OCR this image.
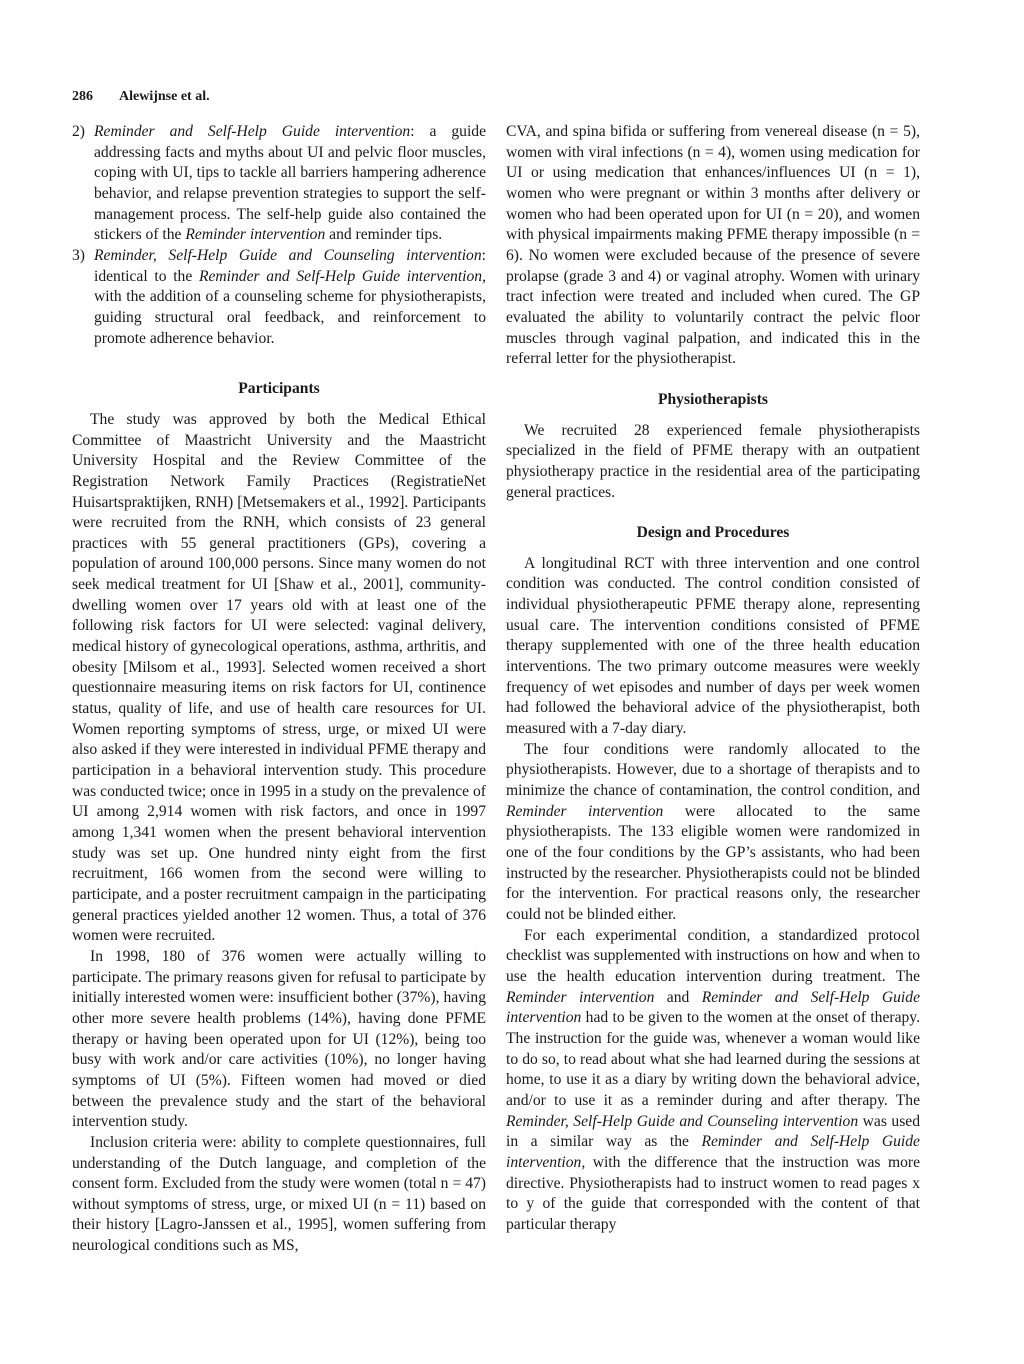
286 Alewijnse et al.

2) Reminder and Self-Help Guide intervention: a guide addressing facts and myths about UI and pelvic floor muscles, coping with UI, tips to tackle all barriers hampering adherence behavior, and relapse prevention strategies to support the self-management process. The self-help guide also contained the stickers of the Reminder intervention and reminder tips.

3) Reminder, Self-Help Guide and Counseling intervention: identical to the Reminder and Self-Help Guide intervention, with the addition of a counseling scheme for physiotherapists, guiding structural oral feedback, and reinforcement to promote adherence behavior.

Participants

The study was approved by both the Medical Ethical Committee of Maastricht University and the Maastricht University Hospital and the Review Committee of the Registration Network Family Practices (RegistratieNet Huisartspraktijken, RNH) [Metsemakers et al., 1992]. Participants were recruited from the RNH, which consists of 23 general practices with 55 general practitioners (GPs), covering a population of around 100,000 persons. Since many women do not seek medical treatment for UI [Shaw et al., 2001], community-dwelling women over 17 years old with at least one of the following risk factors for UI were selected: vaginal delivery, medical history of gynecological operations, asthma, arthritis, and obesity [Milsom et al., 1993]. Selected women received a short questionnaire measuring items on risk factors for UI, continence status, quality of life, and use of health care resources for UI. Women reporting symptoms of stress, urge, or mixed UI were also asked if they were interested in individual PFME therapy and participation in a behavioral intervention study. This procedure was conducted twice; once in 1995 in a study on the prevalence of UI among 2,914 women with risk factors, and once in 1997 among 1,341 women when the present behavioral intervention study was set up. One hundred ninty eight from the first recruitment, 166 women from the second were willing to participate, and a poster recruitment campaign in the participating general practices yielded another 12 women. Thus, a total of 376 women were recruited.

In 1998, 180 of 376 women were actually willing to participate. The primary reasons given for refusal to participate by initially interested women were: insufficient bother (37%), having other more severe health problems (14%), having done PFME therapy or having been operated upon for UI (12%), being too busy with work and/or care activities (10%), no longer having symptoms of UI (5%). Fifteen women had moved or died between the prevalence study and the start of the behavioral intervention study.

Inclusion criteria were: ability to complete questionnaires, full understanding of the Dutch language, and completion of the consent form. Excluded from the study were women (total n = 47) without symptoms of stress, urge, or mixed UI (n = 11) based on their history [Lagro-Janssen et al., 1995], women suffering from neurological conditions such as MS,

CVA, and spina bifida or suffering from venereal disease (n = 5), women with viral infections (n = 4), women using medication for UI or using medication that enhances/influences UI (n = 1), women who were pregnant or within 3 months after delivery or women who had been operated upon for UI (n = 20), and women with physical impairments making PFME therapy impossible (n = 6). No women were excluded because of the presence of severe prolapse (grade 3 and 4) or vaginal atrophy. Women with urinary tract infection were treated and included when cured. The GP evaluated the ability to voluntarily contract the pelvic floor muscles through vaginal palpation, and indicated this in the referral letter for the physiotherapist.

Physiotherapists

We recruited 28 experienced female physiotherapists specialized in the field of PFME therapy with an outpatient physiotherapy practice in the residential area of the participating general practices.

Design and Procedures

A longitudinal RCT with three intervention and one control condition was conducted. The control condition consisted of individual physiotherapeutic PFME therapy alone, representing usual care. The intervention conditions consisted of PFME therapy supplemented with one of the three health education interventions. The two primary outcome measures were weekly frequency of wet episodes and number of days per week women had followed the behavioral advice of the physiotherapist, both measured with a 7-day diary.

The four conditions were randomly allocated to the physiotherapists. However, due to a shortage of therapists and to minimize the chance of contamination, the control condition, and Reminder intervention were allocated to the same physiotherapists. The 133 eligible women were randomized in one of the four conditions by the GP’s assistants, who had been instructed by the researcher. Physiotherapists could not be blinded for the intervention. For practical reasons only, the researcher could not be blinded either.

For each experimental condition, a standardized protocol checklist was supplemented with instructions on how and when to use the health education intervention during treatment. The Reminder intervention and Reminder and Self-Help Guide intervention had to be given to the women at the onset of therapy. The instruction for the guide was, whenever a woman would like to do so, to read about what she had learned during the sessions at home, to use it as a diary by writing down the behavioral advice, and/or to use it as a reminder during and after therapy. The Reminder, Self-Help Guide and Counseling intervention was used in a similar way as the Reminder and Self-Help Guide intervention, with the difference that the instruction was more directive. Physiotherapists had to instruct women to read pages x to y of the guide that corresponded with the content of that particular therapy
